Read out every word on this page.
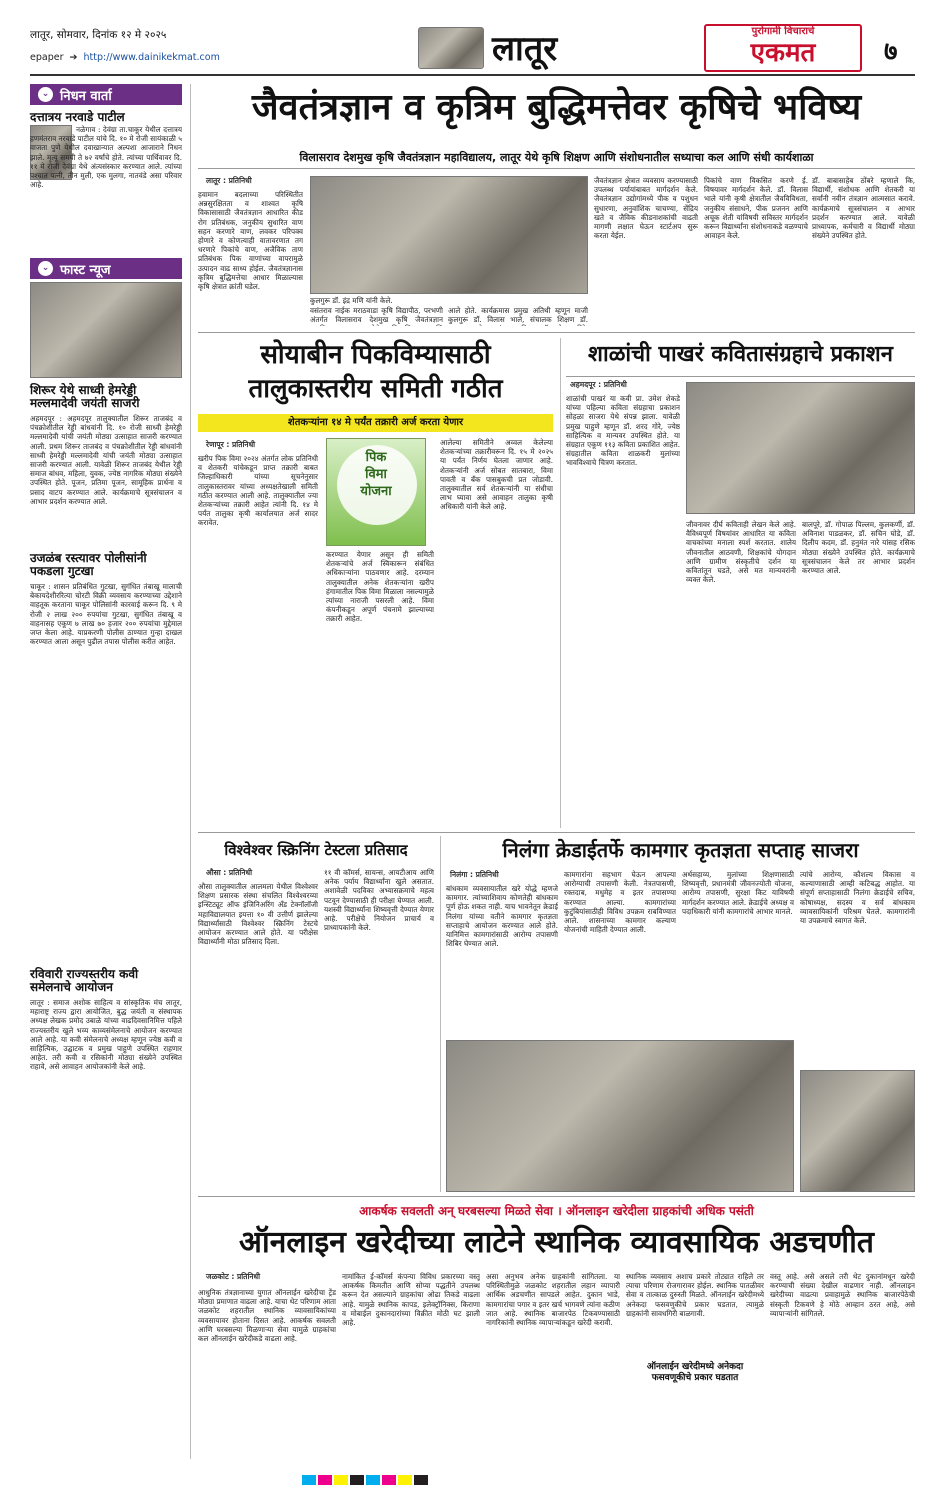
लातूर, सोमवार, दिनांक १२ मे २०२५
epaper ➔ http://www.dainikekmat.com	लातूर	पुरोगामी विचाराचे
एकमत	७
⌄ निधन वार्ता
दत्तात्रय नरवाडे पाटील
नळेगाव : देवंग्रा ता.चाकूर येथील दत्तात्रय हणमंतराव नरवाडे पाटील यांचे दि. १० मे रोजी सायंकाळी ५ वाजता पुणे येथील दवाखान्यात अल्पशा आजाराने निधन झाले. मृत्यू समयी ते ७२ वर्षांचे होते. त्यांच्या पार्थिवावर दि. ११ मे रोजी देवंग्रा येथे अंत्यसंस्कार करण्यात आले. त्यांच्या पश्चात पत्नी, तीन मुली, एक मुलगा, नातवंडे असा परिवार आहे.
⌄ फास्ट न्यूज
शिरूर येथे साध्वी हेमरेड्डी मल्लमादेवी जयंती साजरी
अहमदपूर : अहमदपूर तालुक्यातील शिरूर ताजबंद व पंचक्रोशीतील रेड्डी बांधवांनी दि. १० रोजी साध्वी हेमरेड्डी मल्लमादेवी यांची जयंती मोठ्या उत्साहात साजरी करण्यात आली. प्रथम शिरूर ताजबंद व पंचक्रोशीतील रेड्डी बांधवांनी साध्वी हेमरेड्डी मल्लमादेवी यांची जयंती मोठ्या उत्साहात साजरी करण्यात आली. यावेळी शिरूर ताजबंद येथील रेड्डी समाज बांधव, महिला, युवक, ज्येष्ठ नागरिक मोठ्या संख्येने उपस्थित होते. पूजन, प्रतिमा पूजन, सामूहिक प्रार्थना व प्रसाद वाटप करण्यात आले. कार्यक्रमाचे सूत्रसंचालन व आभार प्रदर्शन करण्यात आले.
उजळंब रस्त्यावर पोलीसांनी पकडला गुटखा
चाकूर : शासन प्रतिबंधित गुटखा, सुगंधित तंबाखू मालाची बेकायदेशीररित्या चोरटी विक्री व्यवसाय करण्याच्या उद्देशाने वाहतूक करताना चाकूर पोलिसांनी कारवाई करून दि. ९ मे रोजी २ लाख २०० रुपयांचा गुटखा, सुगंधित तंबाखू व वाहनासह एकूण ७ लाख ७० हजार २०० रुपयांचा मुद्देमाल जप्त केला आहे. याप्रकरणी पोलीस ठाण्यात गुन्हा दाखल करण्यात आला असून पुढील तपास पोलीस करीत आहेत.
रविवारी राज्यस्तरीय कवी समेलनाचे आयोजन
लातूर : समाज अशोक साहित्य व सांस्कृतिक मंच लातूर, महाराष्ट्र राज्य द्वारा आयोजित, बुद्ध जयंती व संस्थापक अध्यक्ष लेखक प्रमोद उबाळे यांच्या वाढदिवसानिमित्त पहिले राज्यस्तरीय खुले भव्य काव्यसंमेलनाचे आयोजन करण्यात आले आहे. या कवी संमेलनाचे अध्यक्ष म्हणून ज्येष्ठ कवी व साहित्यिक, उद्घाटक व प्रमुख पाहुणे उपस्थित राहणार आहेत. तरी कवी व रसिकांनी मोठ्या संख्येने उपस्थित राहावे, असे आवाहन आयोजकांनी केले आहे.
जैवतंत्रज्ञान व कृत्रिम बुद्धिमत्तेवर कृषिचे भविष्य
विलासराव देशमुख कृषि जैवतंत्रज्ञान महाविद्यालय, लातूर येथे कृषि शिक्षण आणि संशोधनातील सध्याचा कल आणि संधी कार्यशाळा
लातूर : प्रतिनिधी
हवामान बदलाच्या परिस्थितीत अन्नसुरक्षितता व शाश्वत कृषि विकासासाठी जैवतंत्रज्ञान आधारित कीड रोग प्रतिबंधक, जनुकीय सुधारित वाण सहन करणारे वाण, लवकर परिपक्व होणारे व कोणत्याही वातावरणात तग धरणारे पिकांचे वाण, अजैविक ताण प्रतिबंधक पिक वाणांच्या वापरामुळे उत्पादन वाढ साध्य होईल. जैवतंत्रज्ञानास कृत्रिम बुद्धिमत्तेचा आधार मिळाल्यास कृषि क्षेत्रात क्रांती घडेल.
कुलगुरू डॉ. इंद्र मणि यांनी केले.
वसंतराव नाईक मराठवाडा कृषि विद्यापीठ, परभणी अंतर्गत विलासराव देशमुख कृषि जैवतंत्रज्ञान
आले होते. कार्यक्रमास प्रमुख अतिथी म्हणून माजी कुलगुरू डॉ. विलास भाले, संचालक शिक्षण डॉ.
जैवतंत्रज्ञान क्षेत्रात व्यवसाय करण्यासाठी उपलब्ध पर्यायांबाबत मार्गदर्शन केले. जैवतंत्रज्ञान उद्योगांमध्ये पीक व पशुधन सुधारणा, अनुवांशिक चाचण्या, सेंद्रिय खते व जैविक कीडनाशकांची वाढती मागणी लक्षात घेऊन स्टार्टअप सुरू करता येईल.
पिकांचे वाण विकसित करणे ई. विषयावर मार्गदर्शन केले. डॉ. विलास भाले यांनी कृषी क्षेत्रातील जैवविविधता, जनुकीय संसाधने, पीक प्रजनन आणि अचूक शेती यांविषयी सविस्तर मार्गदर्शन करून विद्यार्थ्यांना संशोधनाकडे वळण्याचे आवाहन केले.
डॉ. बाबासाहेब ठोंबरे म्हणाले कि, विद्यार्थी, संशोधक आणि शेतकरी या सर्वांनी नवीन तंत्रज्ञान आत्मसात करावे. कार्यक्रमाचे सूत्रसंचालन व आभार प्रदर्शन करण्यात आले. यावेळी प्राध्यापक, कर्मचारी व विद्यार्थी मोठ्या संख्येने उपस्थित होते.
सोयाबीन पिकविम्यासाठी
तालुकास्तरीय समिती गठीत
शेतकऱ्यांना १४ मे पर्यंत तक्रारी अर्ज करता येणार
रेणापूर : प्रतिनिधी
खरीप पिक विमा २०२४ अंतर्गत लोक प्रतिनिधी व शेतकरी यांचेकडून प्राप्त तक्रारी बाबत जिल्हाधिकारी यांच्या सूचनेनुसार तालुकास्तरावर यांच्या अध्यक्षतेखाली समिती गठीत करण्यात आली आहे. तालुक्यातील ज्या शेतकऱ्यांच्या तक्रारी आहेत त्यांनी दि. १४ मे पर्यंत तालुका कृषी कार्यालयात अर्ज सादर करावेत.
पिक
विमा
योजना
करण्यात येणार असून ही समिती शेतकऱ्यांचे अर्ज स्विकारून संबंधित अधिकाऱ्यांना पाठवणार आहे. दरम्यान तालुक्यातील अनेक शेतकऱ्यांना खरीप हंगामातील पिक विमा मिळाला नसल्यामुळे त्यांच्या नाराजी पसरली आहे. विमा कंपनीकडून अपूर्ण पंचनामे झाल्याच्या तक्रारी आहेत.
आलेल्या समितीने अव्वल केलेल्या शेतकऱ्यांच्या तक्रारीवरून दि. १५ मे २०२५ या पर्यंत निर्णय घेतला जाणार आहे. शेतकऱ्यांनी अर्ज सोबत सातबारा, विमा पावती व बँक पासबुकची प्रत जोडावी. तालुक्यातील सर्व शेतकऱ्यांनी या संधीचा लाभ घ्यावा असे आवाहन तालुका कृषी अधिकारी यांनी केले आहे.
शाळांची पाखरं कवितासंग्रहाचे प्रकाशन
अहमदपूर : प्रतिनिधी
शाळांची पाखरं या कवी प्रा. उमेश शेकडे यांच्या पहिल्या कविता संग्रहाचा प्रकाशन सोहळा साजरा येथे संपन्न झाला. यावेळी प्रमुख पाहुणे म्हणून डॉ. शरद गोरे, ज्येष्ठ साहित्यिक व मान्यवर उपस्थित होते. या संग्रहात एकूण ११३ कविता प्रकाशित आहेत. संग्रहातील कविता शाळकरी मुलांच्या भावविश्वाचे चित्रण करतात.
जीवनावर दीर्घ कविताही लेखन केले आहे. वैविध्यपूर्ण विषयांवर आधारित या कविता वाचकांच्या मनाला स्पर्श करतात. शालेय जीवनातील आठवणी, शिक्षकांचे योगदान आणि ग्रामीण संस्कृतीचे दर्शन या कवितांतून घडते, असे मत मान्यवरांनी व्यक्त केले.
बालपूरे, डॉ. गोपाळ पिल्लम, कुलकर्णी, डॉ. अविनाश पाडळकर, डॉ. सचिन घोडे, डॉ. दिलीप कदम, डॉ. हनुमंत नारे यांसह रसिक मोठ्या संख्येने उपस्थित होते. कार्यक्रमाचे सूत्रसंचालन केले तर आभार प्रदर्शन करण्यात आले.
विश्वेश्वर स्क्रिनिंग टेस्टला प्रतिसाद
औसा : प्रतिनिधी
औसा तालुक्यातील आलमला येथील विश्वेश्वर शिक्षण प्रसारक संस्था संचलित विश्वेश्वरय्या इन्स्टिट्यूट ऑफ इंजिनिअरिंग अँड टेक्नॉलॉजी महाविद्यालयात इयत्ता १० वी उत्तीर्ण झालेल्या विद्यार्थ्यांसाठी विश्वेश्वर स्क्रिनिंग टेस्टचे आयोजन करण्यात आले होते. या परीक्षेस विद्यार्थ्यांनी मोठा प्रतिसाद दिला.
११ वी कॉमर्स, सायन्स, आयटीआय आणि अनेक पर्याय विद्यार्थ्यांना खुले असतात. अशावेळी पदविका अभ्यासक्रमाचे महत्व पटवून देण्यासाठी ही परीक्षा घेण्यात आली. यशस्वी विद्यार्थ्यांना शिष्यवृत्ती देण्यात येणार आहे. परीक्षेचे नियोजन प्राचार्य व प्राध्यापकांनी केले.
निलंगा क्रेडाईतर्फे कामगार कृतज्ञता सप्ताह साजरा
निलंगा : प्रतिनिधी
बांधकाम व्यवसायातील खरे योद्धे म्हणजे कामगार. त्यांच्याशिवाय कोणतेही बांधकाम पूर्ण होऊ शकत नाही. याच भावनेतून क्रेडाई निलंगा यांच्या वतीने कामगार कृतज्ञता सप्ताहाचे आयोजन करण्यात आले होते. यानिमित्त कामगारांसाठी आरोग्य तपासणी शिबिर घेण्यात आले.
कामगारांना सहभाग घेऊन आपल्या आरोग्याची तपासणी केली. नेत्रतपासणी, रक्तदाब, मधुमेह व इतर तपासण्या करण्यात आल्या. कामगारांच्या कुटुंबियांसाठीही विविध उपक्रम राबविण्यात आले. शासनाच्या कामगार कल्याण योजनांची माहिती देण्यात आली.
अर्थसहाय्य, मुलांच्या शिक्षणासाठी शिष्यवृत्ती, प्रधानमंत्री जीवनज्योती योजना, आरोग्य तपासणी, सुरक्षा किट याविषयी मार्गदर्शन करण्यात आले. क्रेडाईचे अध्यक्ष व पदाधिकारी यांनी कामगारांचे आभार मानले.
त्यांचे आरोग्य, कौशल्य विकास व कल्याणासाठी आम्ही कटिबद्ध आहोत. या संपूर्ण सप्ताहासाठी निलंगा क्रेडाईचे सचिव, कोषाध्यक्ष, सदस्य व सर्व बांधकाम व्यावसायिकांनी परिश्रम घेतले. कामगारांनी या उपक्रमाचे स्वागत केले.
आकर्षक सवलती अन् घरबसल्या मिळते सेवा । ऑनलाइन खरेदीला ग्राहकांची अधिक पसंती
ऑनलाइन खरेदीच्या लाटेने स्थानिक व्यावसायिक अडचणीत
जळकोट : प्रतिनिधी
आधुनिक तंत्रज्ञानाच्या युगात ऑनलाईन खरेदीचा ट्रेंड मोठ्या प्रमाणात वाढला आहे. याचा थेट परिणाम आता जळकोट शहरातील स्थानिक व्यावसायिकांच्या व्यवसायावर होताना दिसत आहे. आकर्षक सवलती आणि घरबसल्या मिळणाऱ्या सेवा यामुळे ग्राहकांचा कल ऑनलाईन खरेदीकडे वाढला आहे.
नामांकित ई-कॉमर्स कंपन्या विविध प्रकारच्या वस्तू आकर्षक किमतीत आणि सोप्या पद्धतीने उपलब्ध करून देत असल्याने ग्राहकांचा ओढा तिकडे वाढला आहे. यामुळे स्थानिक कापड, इलेक्ट्रॉनिक्स, किराणा व मोबाईल दुकानदारांच्या विक्रीत मोठी घट झाली आहे.
असा अनुभव अनेक ग्राहकांनी सांगितला. या परिस्थितीमुळे जळकोट शहरातील लहान व्यापारी आर्थिक अडचणीत सापडले आहेत. दुकान भाडे, कामगारांचा पगार व इतर खर्च भागवणे त्यांना कठीण जात आहे. स्थानिक बाजारपेठ टिकवण्यासाठी नागरिकांनी स्थानिक व्यापाऱ्यांकडून खरेदी करावी.
स्थानिक व्यवसाय अशाच प्रकारे तोट्यात राहिले तर त्याचा परिणाम रोजगारावर होईल. स्थानिक पातळीवर सेवा व तात्काळ दुरुस्ती मिळते. ऑनलाईन खरेदीमध्ये अनेकदा फसवणुकीचे प्रकार घडतात, त्यामुळे ग्राहकांनी सावधगिरी बाळगावी.
ऑनलाईन खरेदीमध्ये अनेकदा फसवणूकीचे प्रकार घडतात
वस्तू आहे. असे असले तरी थेट दुकानांमधून खरेदी करण्याची संख्या देखील वाढणार नाही. ऑनलाइन खरेदीच्या वाढत्या प्रवाहामुळे स्थानिक बाजारपेठेची संस्कृती टिकवणे हे मोठे आव्हान ठरत आहे, असे व्यापाऱ्यांनी सांगितले.
